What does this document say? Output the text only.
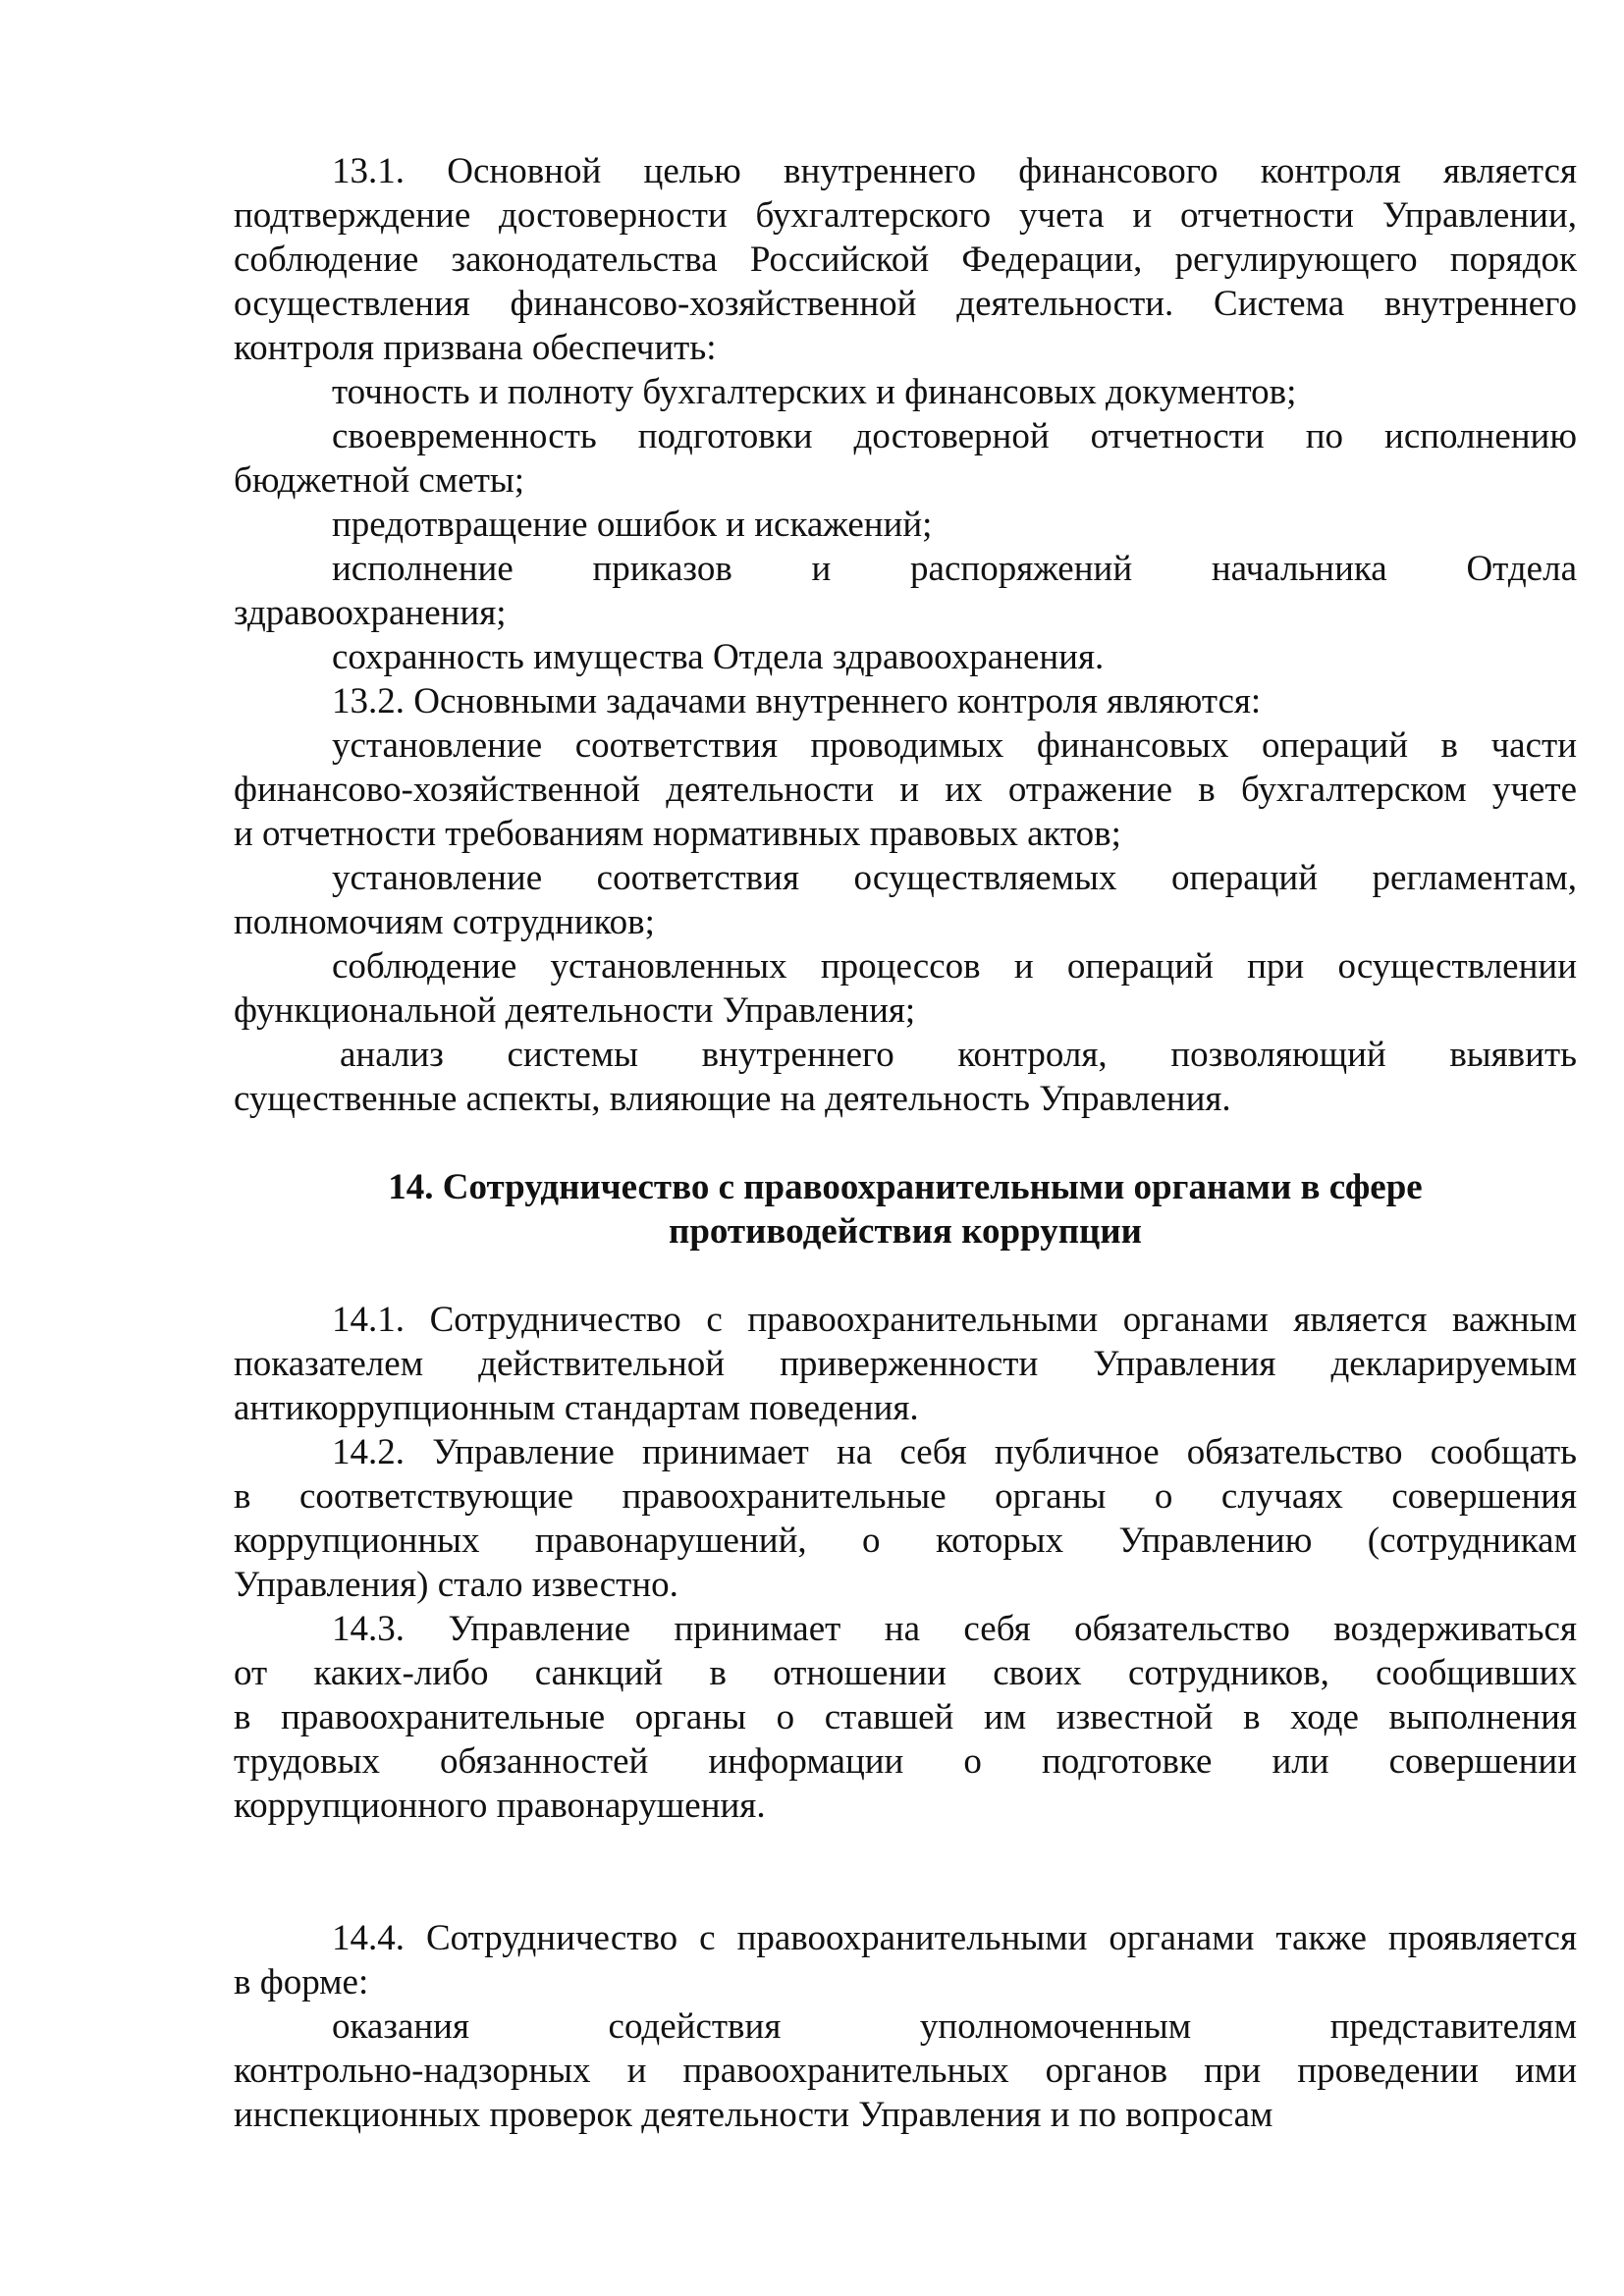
13.1. Основной целью внутреннего финансового контроля является
подтверждение достоверности бухгалтерского учета и отчетности Управлении,
соблюдение законодательства Российской Федерации, регулирующего порядок
осуществления финансово-хозяйственной деятельности. Система внутреннего
контроля призвана обеспечить:
точность и полноту бухгалтерских и финансовых документов;
своевременность подготовки достоверной отчетности по исполнению
бюджетной сметы;
предотвращение ошибок и искажений;
исполнение приказов и распоряжений начальника Отдела
здравоохранения;
сохранность имущества Отдела здравоохранения.
13.2. Основными задачами внутреннего контроля являются:
установление соответствия проводимых финансовых операций в части
финансово-хозяйственной деятельности и их отражение в бухгалтерском учете
и отчетности требованиям нормативных правовых актов;
установление соответствия осуществляемых операций регламентам,
полномочиям сотрудников;
соблюдение установленных процессов и операций при осуществлении
функциональной деятельности Управления;
анализ системы внутреннего контроля, позволяющий выявить
существенные аспекты, влияющие на деятельность Управления.
14. Сотрудничество с правоохранительными органами в сфере
противодействия коррупции
14.1. Сотрудничество с правоохранительными органами является важным
показателем действительной приверженности Управления декларируемым
антикоррупционным стандартам поведения.
14.2. Управление принимает на себя публичное обязательство сообщать
в соответствующие правоохранительные органы о случаях совершения
коррупционных правонарушений, о которых Управлению (сотрудникам
Управления) стало известно.
14.3. Управление принимает на себя обязательство воздерживаться
от каких-либо санкций в отношении своих сотрудников, сообщивших
в правоохранительные органы о ставшей им известной в ходе выполнения
трудовых обязанностей информации о подготовке или совершении
коррупционного правонарушения.
14.4. Сотрудничество с правоохранительными органами также проявляется
в форме:
оказания содействия уполномоченным представителям
контрольно-надзорных и правоохранительных органов при проведении ими
инспекционных проверок деятельности Управления и по вопросам
